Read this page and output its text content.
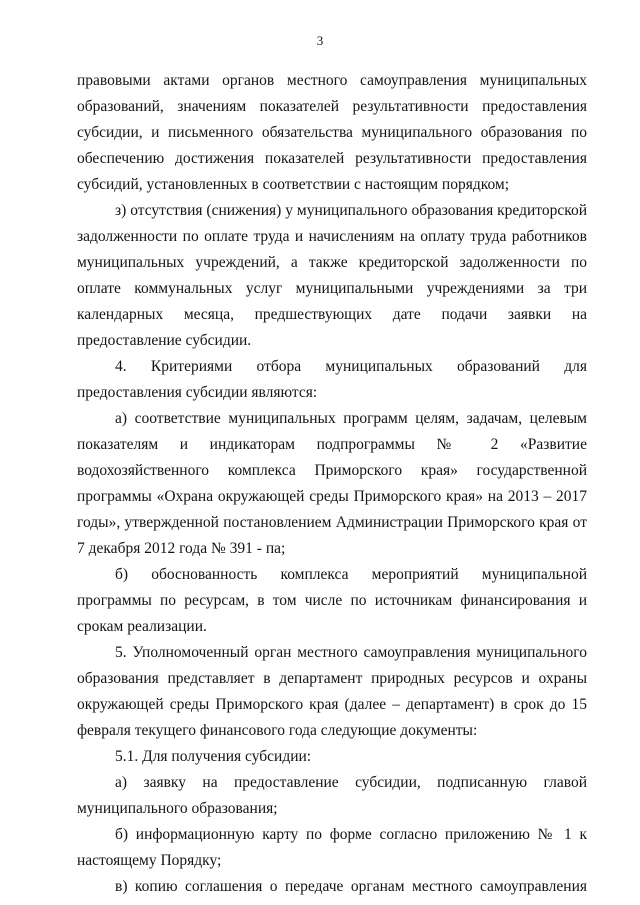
3

правовыми актами органов местного самоуправления муниципальных образований, значениям показателей результативности предоставления субсидии, и письменного обязательства муниципального образования по обеспечению достижения показателей результативности предоставления субсидий, установленных в соответствии с настоящим порядком;

з) отсутствия (снижения) у муниципального образования кредиторской задолженности по оплате труда и начислениям на оплату труда работников муниципальных учреждений, а также кредиторской задолженности по оплате коммунальных услуг муниципальными учреждениями за три календарных месяца, предшествующих дате подачи заявки на предоставление субсидии.

4. Критериями отбора муниципальных образований для предоставления субсидии являются:

а) соответствие муниципальных программ целям, задачам, целевым показателям и индикаторам подпрограммы № 2 «Развитие водохозяйственного комплекса Приморского края» государственной программы «Охрана окружающей среды Приморского края» на 2013 – 2017 годы», утвержденной постановлением Администрации Приморского края от 7 декабря 2012 года № 391 - па;

б) обоснованность комплекса мероприятий муниципальной программы по ресурсам, в том числе по источникам финансирования и срокам реализации.

5. Уполномоченный орган местного самоуправления муниципального образования представляет в департамент природных ресурсов и охраны окружающей среды Приморского края (далее – департамент) в срок до 15 февраля текущего финансового года следующие документы:

5.1. Для получения субсидии:

а) заявку на предоставление субсидии, подписанную главой муниципального образования;

б) информационную карту по форме согласно приложению № 1 к настоящему Порядку;

в) копию соглашения о передаче органам местного самоуправления
